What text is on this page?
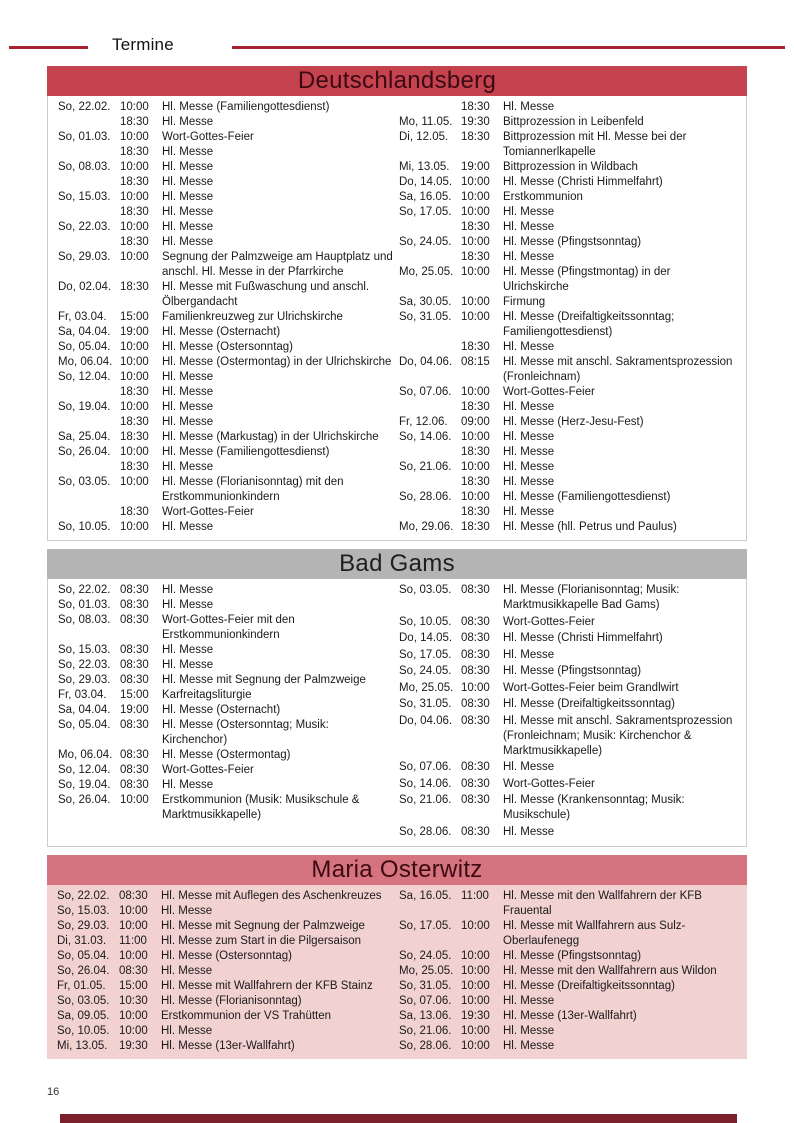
Termine
Deutschlandsberg
So, 22.02. 10:00	Hl. Messe (Familiengottesdienst)
18:30	Hl. Messe
So, 01.03. 10:00	Wort-Gottes-Feier
18:30	Hl. Messe
So, 08.03. 10:00	Hl. Messe
18:30	Hl. Messe
So, 15.03. 10:00	Hl. Messe
18:30	Hl. Messe
So, 22.03. 10:00	Hl. Messe
18:30	Hl. Messe
So, 29.03. 10:00	Segnung der Palmzweige am Hauptplatz und anschl. Hl. Messe in der Pfarrkirche
Do, 02.04. 18:30	Hl. Messe mit Fußwaschung und anschl. Ölbergandacht
Fr, 03.04.	15:00	Familienkreuzweg zur Ulrichskirche
Sa, 04.04. 19:00	Hl. Messe (Osternacht)
So, 05.04. 10:00	Hl. Messe (Ostersonntag)
Mo, 06.04. 10:00	Hl. Messe (Ostermontag) in der Ulrichskirche
So, 12.04. 10:00	Hl. Messe
18:30	Hl. Messe
So, 19.04. 10:00	Hl. Messe
18:30	Hl. Messe
Sa, 25.04. 18:30	Hl. Messe (Markustag) in der Ulrichskirche
So, 26.04. 10:00	Hl. Messe (Familiengottesdienst)
18:30	Hl. Messe
So, 03.05. 10:00	Hl. Messe (Florianisonntag) mit den Erstkommunionkindern
18:30	Wort-Gottes-Feier
So, 10.05. 10:00	Hl. Messe
18:30	Hl. Messe
Mo, 11.05. 19:30	Bittprozession in Leibenfeld
Di, 12.05.	18:30	Bittprozession mit Hl. Messe bei der Tomiannerlkapelle
Mi, 13.05.	19:00	Bittprozession in Wildbach
Do, 14.05. 10:00	Hl. Messe (Christi Himmelfahrt)
Sa, 16.05. 10:00	Erstkommunion
So, 17.05. 10:00	Hl. Messe
18:30	Hl. Messe
So, 24.05. 10:00	Hl. Messe (Pfingstsonntag)
18:30	Hl. Messe
Mo, 25.05. 10:00	Hl. Messe (Pfingstmontag) in der Ulrichskirche
Sa, 30.05. 10:00	Firmung
So, 31.05. 10:00	Hl. Messe (Dreifaltigkeitssonntag; Familiengottesdienst)
18:30	Hl. Messe
Do, 04.06. 08:15	Hl. Messe mit anschl. Sakramentsprozession (Fronleichnam)
So, 07.06. 10:00	Wort-Gottes-Feier
18:30	Hl. Messe
Fr, 12.06.	09:00	Hl. Messe (Herz-Jesu-Fest)
So, 14.06. 10:00	Hl. Messe
18:30	Hl. Messe
So, 21.06. 10:00	Hl. Messe
18:30	Hl. Messe
So, 28.06. 10:00	Hl. Messe (Familiengottesdienst)
18:30	Hl. Messe
Mo, 29.06. 18:30	Hl. Messe (hll. Petrus und Paulus)
Bad Gams
So, 22.02. 08:30	Hl. Messe
So, 01.03. 08:30	Hl. Messe
So, 08.03. 08:30	Wort-Gottes-Feier mit den Erstkommunionkindern
So, 15.03. 08:30	Hl. Messe
So, 22.03. 08:30	Hl. Messe
So, 29.03. 08:30	Hl. Messe mit Segnung der Palmzweige
Fr, 03.04.	15:00	Karfreitagsliturgie
Sa, 04.04. 19:00	Hl. Messe (Osternacht)
So, 05.04. 08:30	Hl. Messe (Ostersonntag; Musik: Kirchenchor)
Mo, 06.04. 08:30	Hl. Messe (Ostermontag)
So, 12.04. 08:30	Wort-Gottes-Feier
So, 19.04. 08:30	Hl. Messe
So, 26.04. 10:00	Erstkommunion (Musik: Musikschule & Marktmusikkapelle)
So, 03.05. 08:30	Hl. Messe (Florianisonntag; Musik: Marktmusikkapelle Bad Gams)
So, 10.05. 08:30	Wort-Gottes-Feier
Do, 14.05. 08:30	Hl. Messe (Christi Himmelfahrt)
So, 17.05. 08:30	Hl. Messe
So, 24.05. 08:30	Hl. Messe (Pfingstsonntag)
Mo, 25.05. 10:00	Wort-Gottes-Feier beim Grandlwirt
So, 31.05. 08:30	Hl. Messe (Dreifaltigkeitssonntag)
Do, 04.06. 08:30	Hl. Messe mit anschl. Sakramentsprozession (Fronleichnam; Musik: Kirchenchor & Marktmusikkapelle)
So, 07.06. 08:30	Hl. Messe
So, 14.06. 08:30	Wort-Gottes-Feier
So, 21.06. 08:30	Hl. Messe (Krankensonntag; Musik: Musikschule)
So, 28.06. 08:30	Hl. Messe
Maria Osterwitz
So, 22.02. 08:30	Hl. Messe mit Auflegen des Aschenkreuzes
So, 15.03. 10:00	Hl. Messe
So, 29.03. 10:00	Hl. Messe mit Segnung der Palmzweige
Di, 31.03.	11:00	Hl. Messe zum Start in die Pilgersaison
So, 05.04. 10:00	Hl. Messe (Ostersonntag)
So, 26.04. 08:30	Hl. Messe
Fr, 01.05.	15:00	Hl. Messe mit Wallfahrern der KFB Stainz
So, 03.05. 10:30	Hl. Messe (Florianisonntag)
Sa, 09.05. 10:00	Erstkommunion der VS Trahütten
So, 10.05. 10:00	Hl. Messe
Mi, 13.05.	19:30	Hl. Messe (13er-Wallfahrt)
Sa, 16.05. 11:00	Hl. Messe mit den Wallfahrern der KFB Frauental
So, 17.05. 10:00	Hl. Messe mit Wallfahrern aus Sulz-Oberlaufenegg
So, 24.05. 10:00	Hl. Messe (Pfingstsonntag)
Mo, 25.05. 10:00	Hl. Messe mit den Wallfahrern aus Wildon
So, 31.05. 10:00	Hl. Messe (Dreifaltigkeitssonntag)
So, 07.06. 10:00	Hl. Messe
Sa, 13.06. 19:30	Hl. Messe (13er-Wallfahrt)
So, 21.06. 10:00	Hl. Messe
So, 28.06. 10:00	Hl. Messe
16
